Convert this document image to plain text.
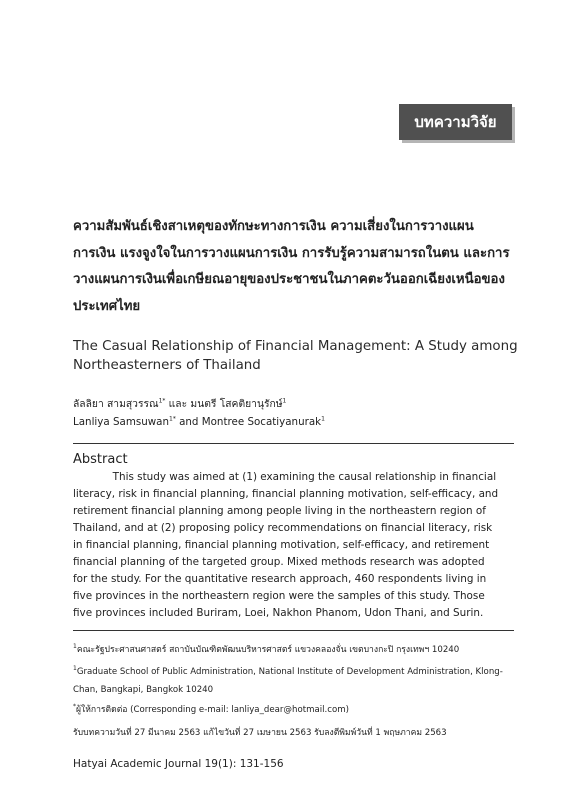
บทความวิจัย
ความสัมพันธ์เชิงสาเหตุของทักษะทางการเงิน ความเสี่ยงในการวางแผน
การเงิน แรงจูงใจในการวางแผนการเงิน การรับรู้ความสามารถในตน และการ
วางแผนการเงินเพื่อเกษียณอายุของประชาชนในภาคตะวันออกเฉียงเหนือของ
ประเทศไทย
The Casual Relationship of Financial Management: A Study among
Northeasterners of Thailand
ลัลลิยา สามสุวรรณ$^{1*}$ และ มนตรี โสคติยานุรักษ์$^1$
Lanliya Samsuwan$^{1*}$ and Montree Socatiyanurak$^1$
Abstract
This study was aimed at (1) examining the causal relationship in financial
literacy, risk in financial planning, financial planning motivation, self-efficacy, and
retirement financial planning among people living in the northeastern region of
Thailand, and at (2) proposing policy recommendations on financial literacy, risk
in financial planning, financial planning motivation, self-efficacy, and retirement
financial planning of the targeted group. Mixed methods research was adopted
for the study. For the quantitative research approach, 460 respondents living in
five provinces in the northeastern region were the samples of this study. Those
five provinces included Buriram, Loei, Nakhon Phanom, Udon Thani, and Surin.
$^1$คณะรัฐประศาสนศาสตร์ สถาบันบัณฑิตพัฒนบริหารศาสตร์ แขวงคลองจั่น เขตบางกะปิ กรุงเทพฯ 10240
$^1$Graduate School of Public Administration, National Institute of Development Administration, Klong-
Chan, Bangkapi, Bangkok 10240
*ผู้ให้การติดต่อ (Corresponding e-mail: lanliya_dear@hotmail.com)
รับบทความวันที่ 27 มีนาคม 2563 แก้ไขวันที่ 27 เมษายน 2563 รับลงตีพิมพ์วันที่ 1 พฤษภาคม 2563
Hatyai Academic Journal 19(1): 131-156
